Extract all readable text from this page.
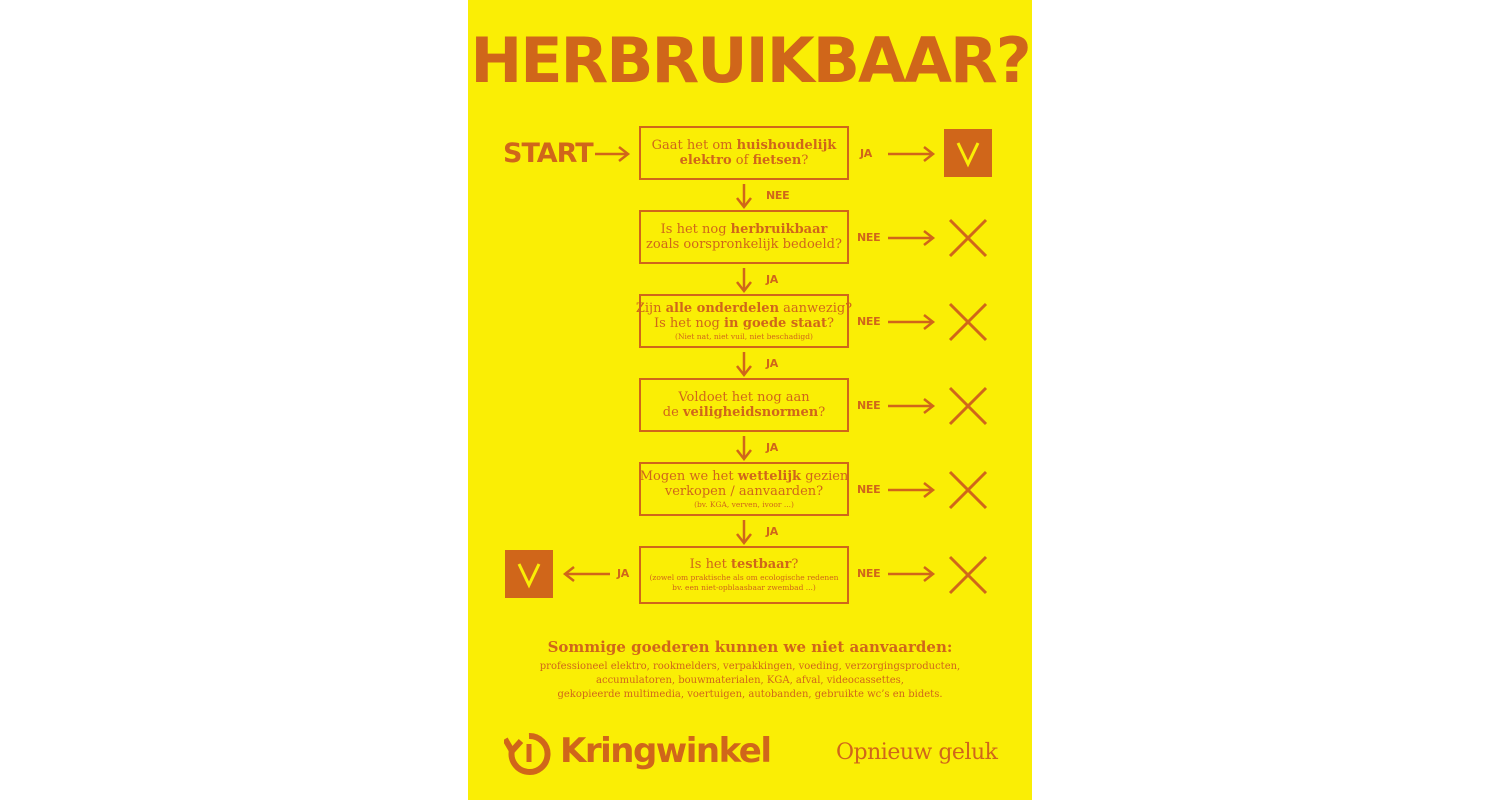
HERBRUIKBAAR?
START	Gaat het om huishoudelijk
elektro of fietsen?	JA
NEE
Is het nog herbruikbaar
zoals oorspronkelijk bedoeld? NEE
JA
Zijn alle onderdelen aanwezig?
Is het nog in goede staat?
(Niet nat, niet vuil, niet beschadigd)
NEE
JA
Voldoet het nog aan
de veiligheidsnormen?	NEE
JA
Mogen we het wettelijk gezien
verkopen / aanvaarden?
(bv. KGA, verven, ivoor ...)
NEE
JA
Is het testbaar?
(zowel om praktische als om ecologische redenen
bv. een niet-opblaasbaar zwembad ...)
NEE
JA
Sommige goederen kunnen we niet aanvaarden:
professioneel elektro, rookmelders, verpakkingen, voeding, verzorgingsproducten,
accumulatoren, bouwmaterialen, KGA, afval, videocassettes,
gekopieerde multimedia, voertuigen, autobanden, gebruikte wc’s en bidets.
Kringwinkel	Opnieuw geluk
